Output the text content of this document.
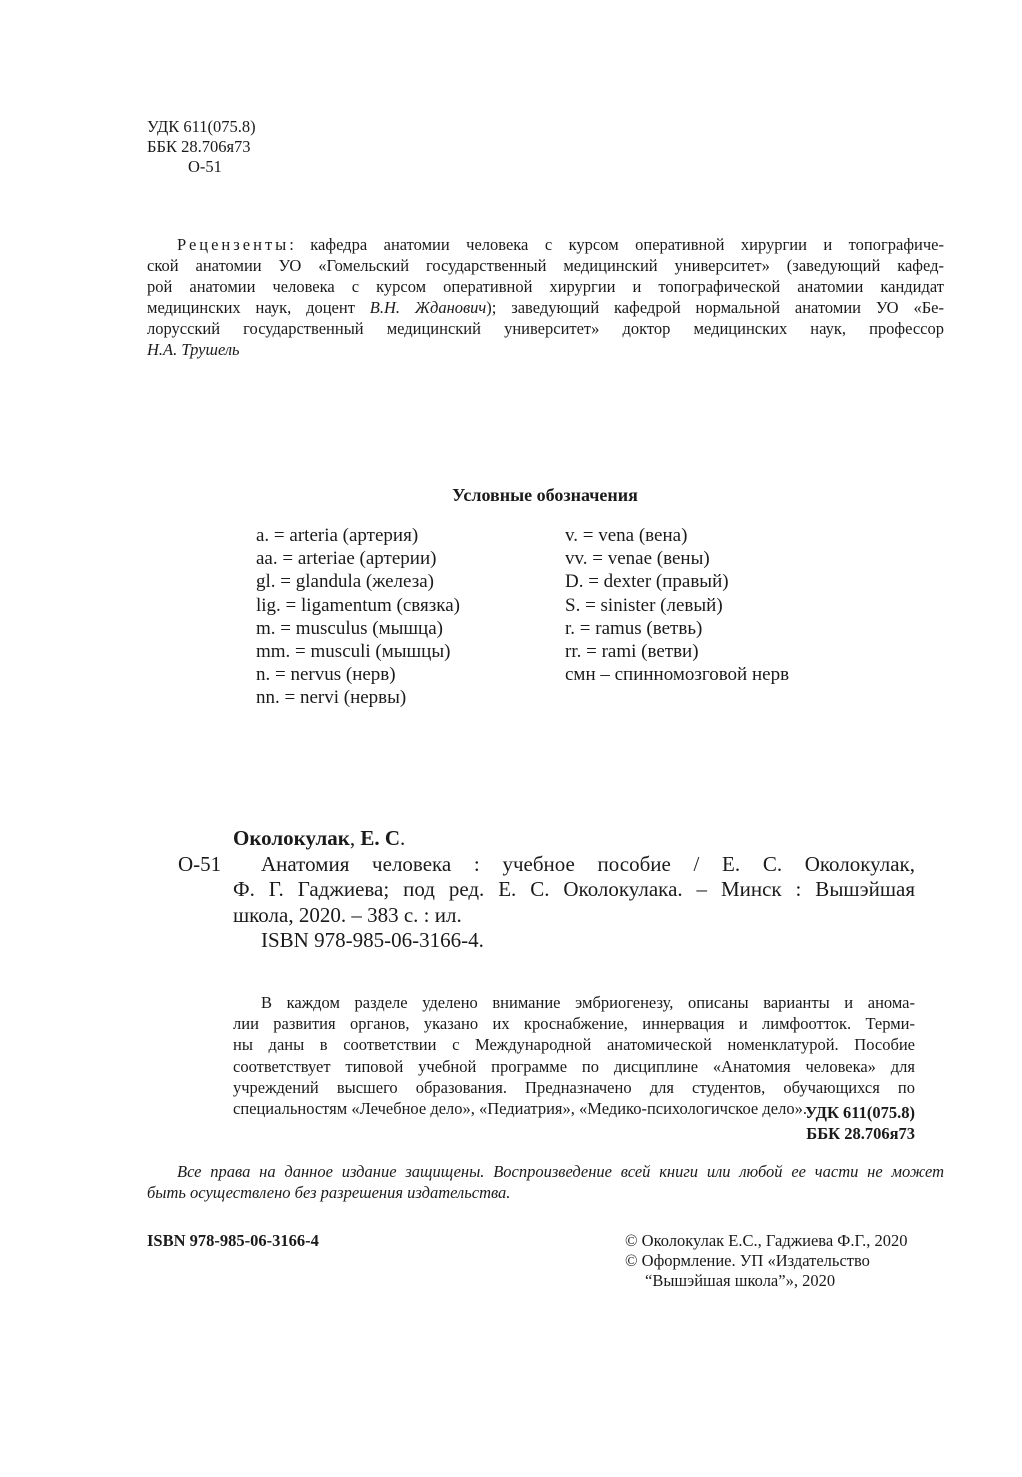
УДК 611(075.8)
ББК 28.706я73
О-51
Рецензенты: кафедра анатомии человека с курсом оперативной хирургии и топографиче-
ской анатомии УО «Гомельский государственный медицинский университет» (заведующий кафед-
рой анатомии человека с курсом оперативной хирургии и топографической анатомии кандидат
медицинских наук, доцент В.Н. Жданович); заведующий кафедрой нормальной анатомии УО «Бе-
лорусский государственный медицинский университет» доктор медицинских наук, профессор
Н.А. Трушель
Условные обозначения
a. = arteria (артерия)
aa. = arteriae (артерии)
gl. = glandula (железа)
lig. = ligamentum (связка)
m. = musculus (мышца)
mm. = musculi (мышцы)
n. = nervus (нерв)
nn. = nervi (нервы)
v. = vena (вена)
vv. = venae (вены)
D. = dexter (правый)
S. = sinister (левый)
r. = ramus (ветвь)
rr. = rami (ветви)
смн – спинномозговой нерв
Околокулак, Е. С.
О-51	Анатомия человека : учебное пособие / Е. С. Околокулак,
Ф. Г. Гаджиева; под ред. Е. С. Околокулака. – Минск : Вышэйшая
школа, 2020. – 383 с. : ил.
ISBN 978-985-06-3166-4.
В каждом разделе уделено внимание эмбриогенезу, описаны варианты и анома-
лии развития органов, указано их кроснабжение, иннервация и лимфоотток. Терми-
ны даны в соответствии с Международной анатомической номенклатурой. Пособие
соответствует типовой учебной программе по дисциплине «Анатомия человека» для
учреждений высшего образования. Предназначено для студентов, обучающихся по
специальностям «Лечебное дело», «Педиатрия», «Медико-психологичское дело».
УДК 611(075.8)
ББК 28.706я73
Все права на данное издание защищены. Воспроизведение всей книги или любой ее части не может
быть осуществлено без разрешения издательства.
ISBN 978-985-06-3166-4	© Околокулак Е.С., Гаджиева Ф.Г., 2020
© Оформление. УП «Издательство
“Вышэйшая школа”», 2020
